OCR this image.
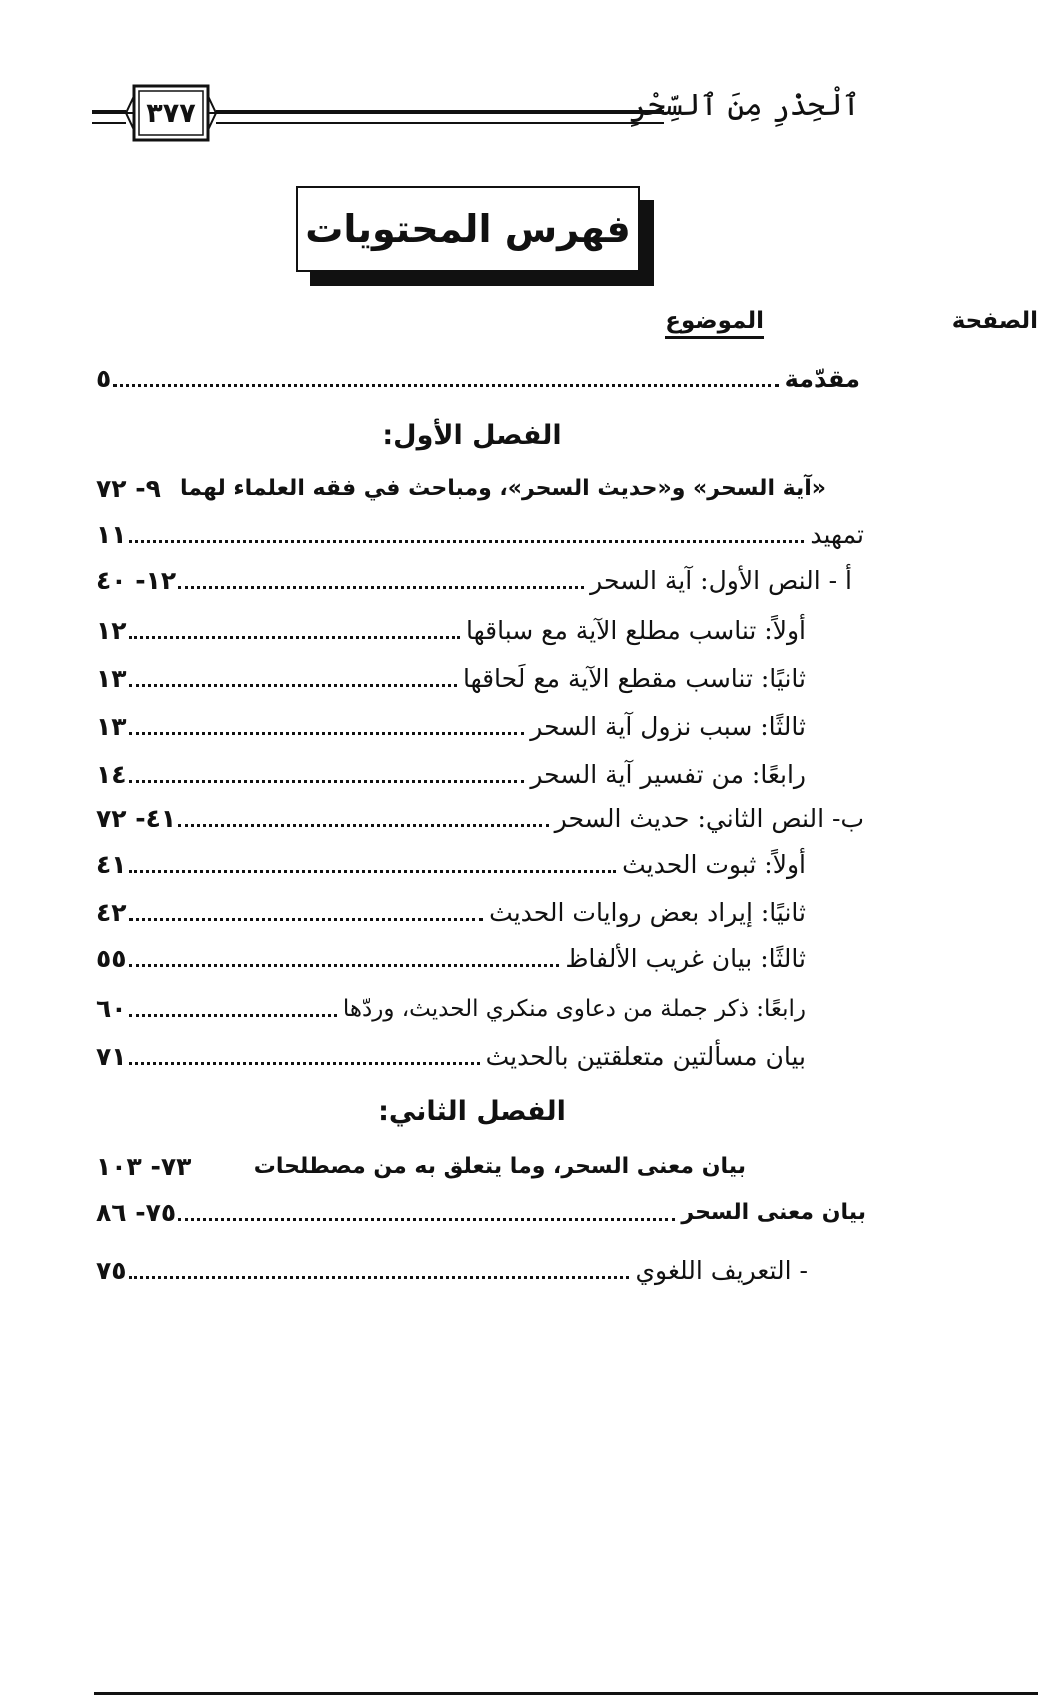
٣٧٧	ٱلْحِذْرِ مِنَ ٱلسِّحْرِ
فهرس المحتويات
الموضوع	الصفحة
مقدّمة
٥
الفصل الأول:
«آية السحر» و«حديث السحر»، ومباحث في فقه العلماء لهما
٩- ٧٢
تمهيد
١١
أ - النص الأول: آية السحر
١٢- ٤٠
أولاً: تناسب مطلع الآية مع سباقها
١٢
ثانيًا: تناسب مقطع الآية مع لَحاقها
١٣
ثالثًا: سبب نزول آية السحر
١٣
رابعًا: من تفسير آية السحر
١٤
ب- النص الثاني: حديث السحر
٤١- ٧٢
أولاً: ثبوت الحديث
٤١
ثانيًا: إيراد بعض روايات الحديث
٤٢
ثالثًا: بيان غريب الألفاظ
٥٥
رابعًا: ذكر جملة من دعاوى منكري الحديث، وردّها
٦٠
بيان مسألتين متعلقتين بالحديث
٧١
الفصل الثاني:
بيان معنى السحر، وما يتعلق به من مصطلحات
٧٣- ١٠٣
بيان معنى السحر
٧٥- ٨٦
- التعريف اللغوي
٧٥
